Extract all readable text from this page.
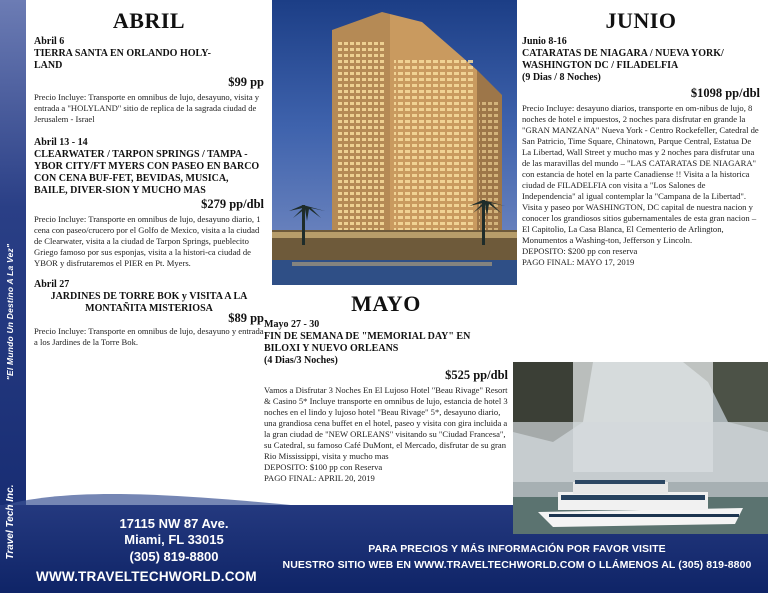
"El Mundo Un Destino A La Vez"
Travel Tech Inc.
ABRIL
Abril 6
TIERRA SANTA EN ORLANDO HOLY-LAND
$99 pp
Precio Incluye: Transporte en omnibus de lujo, desayuno, visita y entrada a "HOLYLAND" sitio de replica de la sagrada ciudad de Jerusalem - Israel
Abril 13 - 14
CLEARWATER / TARPON SPRINGS / TAMPA - YBOR CITY/FT MYERS CON PASEO EN BARCO CON CENA BUF-FET, BEVIDAS, MUSICA, BAILE, DIVER-SION Y MUCHO MAS
$279 pp/dbl
Precio Incluye: Transporte en omnibus de lujo, desayuno diario, 1 cena con paseo/crucero por el Golfo de Mexico, visita a la ciudad de Clearwater, visita a la ciudad de Tarpon Springs, pueblecito Griego famoso por sus esponjas, visita a la histori-ca ciudad de YBOR y disfrutaremos el PIER en Pt. Myers.
Abril 27
JARDINES DE TORRE BOK y VISITA A LA MONTAÑITA MISTERIOSA
$89 pp
Precio Incluye: Transporte en omnibus de lujo, desayuno y entrada a los Jardines de la Torre Bok.
MAYO
Mayo 27 - 30
FIN DE SEMANA DE "MEMORIAL DAY" EN BILOXI Y NUEVO ORLEANS
(4 Dias/3 Noches)
$525 pp/dbl
Vamos a Disfrutar 3 Noches En El Lujoso Hotel "Beau Rivage" Resort & Casino 5* Incluye transporte en omnibus de lujo, estancia de hotel 3 noches en el lindo y lujoso hotel "Beau Rivage" 5*, desayuno diario, una grandiosa cena buffet en el hotel, paseo y visita con gira incluida a la gran ciudad de "NEW ORLEANS" visitando su "Ciudad Francesa", su Catedral, su famoso Café DuMont, el Mercado, disfrutar de su gran Rio Mississippi, visita y mucho mas
DEPOSITO: $100 pp con Reserva
PAGO FINAL: APRIL 20, 2019
JUNIO
Junio 8-16
CATARATAS DE NIAGARA / NUEVA YORK/ WASHINGTON DC / FILADELFIA
(9 Dias / 8 Noches)
$1098 pp/dbl
Precio Incluye: desayuno diarios, transporte en om-nibus de lujo, 8 noches de hotel e impuestos, 2 noches para disfrutar en grande la "GRAN MANZANA" Nueva York - Centro Rockefeller, Catedral de San Patricio, Time Square, Chinatown, Parque Central, Estatua De La Libertad, Wall Street y mucho mas y 2 noches para disfrutar una de las maravillas del mundo – "LAS CATARATAS DE NIAGARA" con estancia de hotel en la parte Canadiense !! Visita a la historica ciudad de FILADELFIA con visita a "Los Salones de Independencia" al igual contemplar la "Campana de la Libertad". Visita y paseo por WASHINGTON, DC capital de nuestra nacion y conocer los grandiosos sitios gubernamentales de esta gran nacion – El Capitolio, La Casa Blanca, El Cementerio de Arlington, Monumentos a Washing-ton, Jefferson y Lincoln.
DEPOSITO: $200 pp con reserva
PAGO FINAL: MAYO 17, 2019
17115 NW 87 Ave.
Miami, FL 33015
(305) 819-8800
WWW.TRAVELTECHWORLD.COM
PARA PRECIOS Y MÁS INFORMACIÓN POR FAVOR VISITE
NUESTRO SITIO WEB EN WWW.TRAVELTECHWORLD.COM O LLÁMENOS AL (305) 819-8800
